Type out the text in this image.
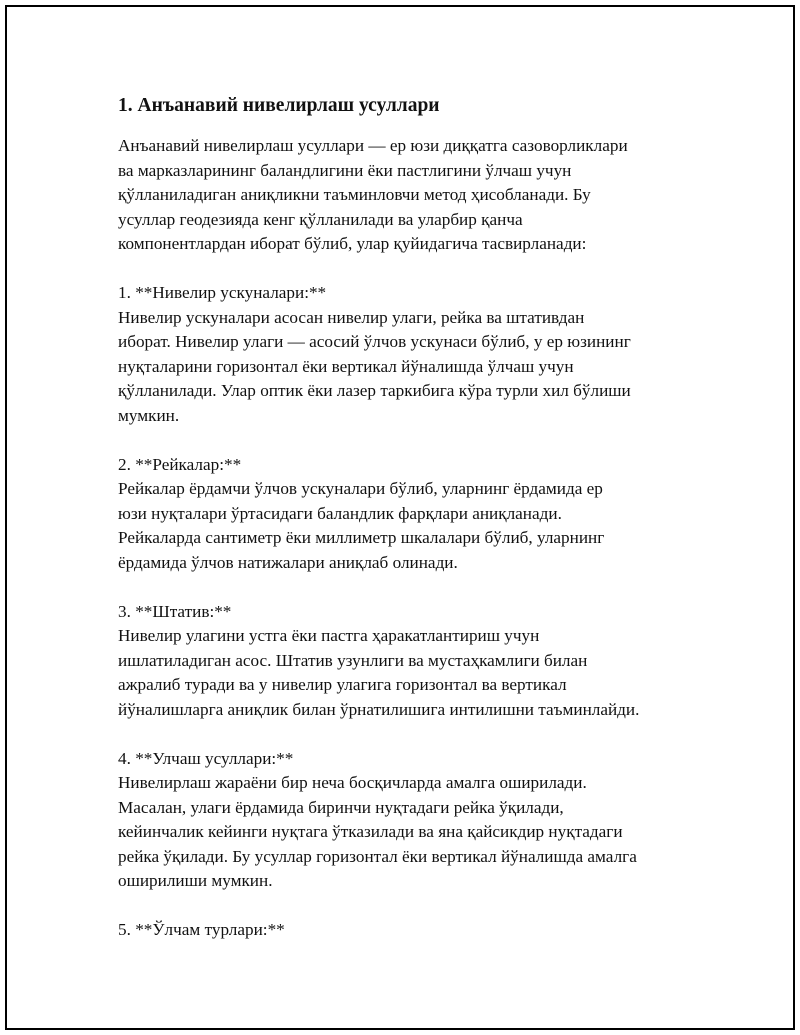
1. Анъанавий нивелирлаш усуллари

Анъанавий нивелирлаш усуллари — ер юзи диққатга сазоворликлари
ва марказларининг баландлигини ёки пастлигини ўлчаш учун
қўлланиладиган аниқликни таъминловчи метод ҳисобланади. Бу
усуллар геодезияда кенг қўлланилади ва уларбир қанча
компонентлардан иборат бўлиб, улар қуйидагича тасвирланади:

1. **Нивелир ускуналари:**

Нивелир ускуналари асосан нивелир улаги, рейка ва штативдан
иборат. Нивелир улаги — асосий ўлчов ускунаси бўлиб, у ер юзининг
нуқталарини горизонтал ёки вертикал йўналишда ўлчаш учун
қўлланилади. Улар оптик ёки лазер таркибига кўра турли хил бўлиши
мумкин.

2. **Рейкалар:**

Рейкалар ёрдамчи ўлчов ускуналари бўлиб, уларнинг ёрдамида ер
юзи нуқталари ўртасидаги баландлик фарқлари аниқланади.
Рейкаларда сантиметр ёки миллиметр шкалалари бўлиб, уларнинг
ёрдамида ўлчов натижалари аниқлаб олинади.

3. **Штатив:**

Нивелир улагини устга ёки пастга ҳаракатлантириш учун
ишлатиладиган асос. Штатив узунлиги ва мустаҳкамлиги билан
ажралиб туради ва у нивелир улагига горизонтал ва вертикал
йўналишларга аниқлик билан ўрнатилишига интилишни таъминлайди.

4. **Улчаш усуллари:**

Нивелирлаш жараёни бир неча босқичларда амалга оширилади.
Масалан, улаги ёрдамида биринчи нуқтадаги рейка ўқилади,
кейинчалик кейинги нуқтага ўтказилади ва яна қайсикдир нуқтадаги
рейка ўқилади. Бу усуллар горизонтал ёки вертикал йўналишда амалга
оширилиши мумкин.

5. **Ўлчам турлари:**
